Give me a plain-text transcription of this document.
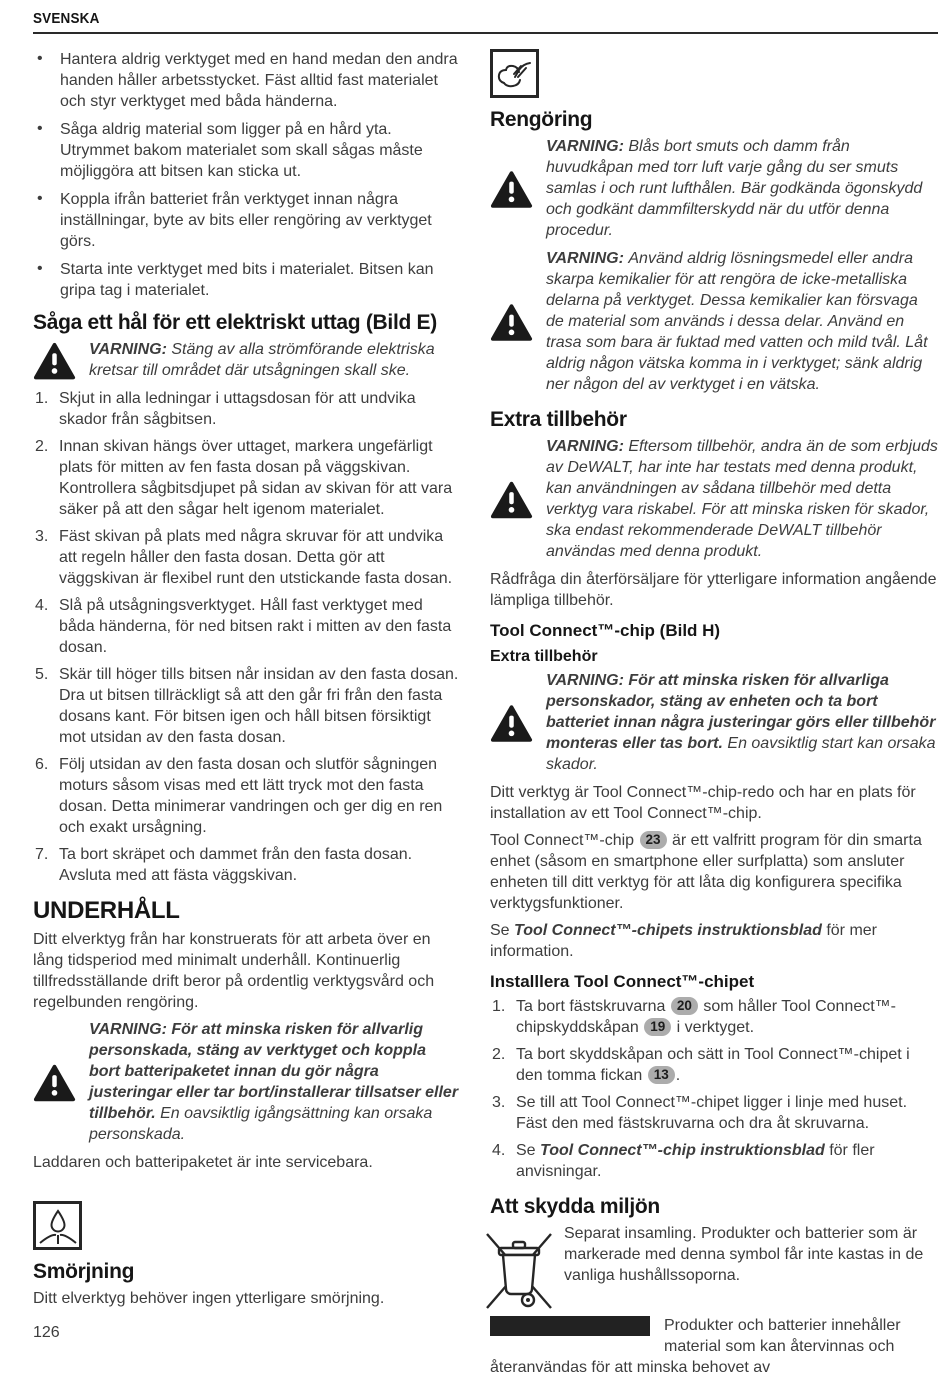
SVENSKA
• Hantera aldrig verktyget med en hand medan den andra handen håller arbetsstycket. Fäst alltid fast materialet och styr verktyget med båda händerna.
• Såga aldrig material som ligger på en hård yta. Utrymmet bakom materialet som skall sågas måste möjliggöra att bitsen kan sticka ut.
• Koppla ifrån batteriet från verktyget innan några inställningar, byte av bits eller rengöring av verktyget görs.
• Starta inte verktyget med bits i materialet. Bitsen kan gripa tag i materialet.
Såga ett hål för ett elektriskt uttag (Bild E)
VARNING: Stäng av alla strömförande elektriska kretsar till området där utsågningen skall ske.
Skjut in alla ledningar i uttagsdosan för att undvika skador från sågbitsen.
Innan skivan hängs över uttaget, markera ungefärligt plats för mitten av fen fasta dosan på väggskivan. Kontrollera sågbitsdjupet på sidan av skivan för att vara säker på att den sågar helt igenom materialet.
Fäst skivan på plats med några skruvar för att undvika att regeln håller den fasta dosan. Detta gör att väggskivan är flexibel runt den utstickande fasta dosan.
Slå på utsågningsverktyget. Håll fast verktyget med båda händerna, för ned bitsen rakt i mitten av den fasta dosan.
Skär till höger tills bitsen når insidan av den fasta dosan. Dra ut bitsen tillräckligt så att den går fri från den fasta dosans kant. För bitsen igen och håll bitsen försiktigt mot utsidan av den fasta dosan.
Följ utsidan av den fasta dosan och slutför sågningen moturs såsom visas med ett lätt tryck mot den fasta dosan. Detta minimerar vandringen och ger dig en ren och exakt ursågning.
Ta bort skräpet och dammet från den fasta dosan. Avsluta med att fästa väggskivan.
UNDERHÅLL

Ditt elverktyg från har konstruerats för att arbeta över en lång tidsperiod med minimalt underhåll. Kontinuerlig tillfredsställande drift beror på ordentlig verktygsvård och regelbunden rengöring.

VARNING: För att minska risken för allvarlig personskada, stäng av verktyget och koppla bort batteripaketet innan du gör några justeringar eller tar bort/installerar tillsatser eller tillbehör. En oavsiktlig igångsättning kan orsaka personskada.

Laddaren och batteripaketet är inte servicebara.

Smörjning

Ditt elverktyg behöver ingen ytterligare smörjning.

Rengöring
VARNING: Blås bort smuts och damm från huvudkåpan med torr luft varje gång du ser smuts samlas i och runt lufthålen. Bär godkända ögonskydd och godkänt dammfilterskydd när du utför denna procedur.
VARNING: Använd aldrig lösningsmedel eller andra skarpa kemikalier för att rengöra de icke-metalliska delarna på verktyget. Dessa kemikalier kan försvaga de material som används i dessa delar. Använd en trasa som bara är fuktad med vatten och mild tvål. Låt aldrig någon vätska komma in i verktyget; sänk aldrig ner någon del av verktyget i en vätska.
Extra tillbehör
VARNING: Eftersom tillbehör, andra än de som erbjuds av DeWALT, har inte har testats med denna produkt, kan användningen av sådana tillbehör med detta verktyg vara riskabel. För att minska risken för skador, ska endast rekommenderade DeWALT tillbehör användas med denna produkt.

Rådfråga din återförsäljare för ytterligare information angående lämpliga tillbehör.

Tool Connect™-chip (Bild H)
Extra tillbehör
VARNING: För att minska risken för allvarliga personskador, stäng av enheten och ta bort batteriet innan några justeringar görs eller tillbehör monteras eller tas bort. En oavsiktlig start kan orsaka skador.

Ditt verktyg är Tool Connect™-chip-redo och har en plats för installation av ett Tool Connect™-chip.

Tool Connect™-chip 23 är ett valfritt program för din smarta enhet (såsom en smartphone eller surfplatta) som ansluter enheten till ditt verktyg för att låta dig konfigurera specifika verktygsfunktioner.

Se Tool Connect™-chipets instruktionsblad för mer information.

Installlera Tool Connect™-chipet
Ta bort fästskruvarna 20 som håller Tool Connect™-chipskyddskåpan 19 i verktyget.
Ta bort skyddskåpan och sätt in Tool Connect™-chipet i den tomma fickan 13 .
Se till att Tool Connect™-chipet ligger i linje med huset. Fäst den med fästskruvarna och dra åt skruvarna.
Se Tool Connect™-chip instruktionsblad för fler anvisningar.
Att skydda miljön

Separat insamling. Produkter och batterier som är markerade med denna symbol får inte kastas in de vanliga hushållssoporna.

Produkter och batterier innehåller material som kan återvinnas och återanvändas för att minska behovet av

126
